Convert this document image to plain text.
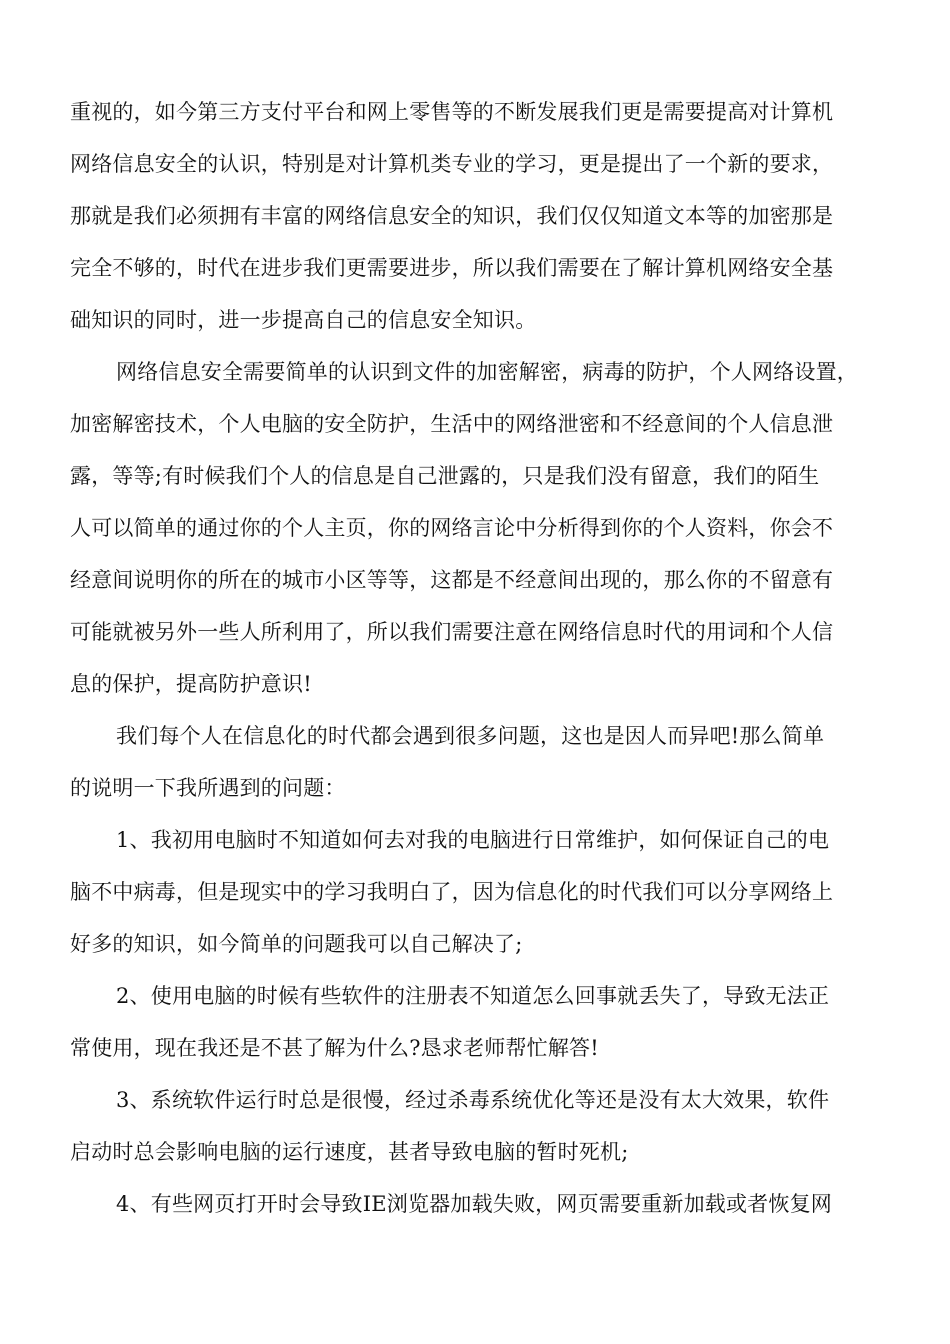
重视的，如今第三方支付平台和网上零售等的不断发展我们更是需要提高对计算机
网络信息安全的认识，特别是对计算机类专业的学习，更是提出了一个新的要求，
那就是我们必须拥有丰富的网络信息安全的知识，我们仅仅知道文本等的加密那是
完全不够的，时代在进步我们更需要进步，所以我们需要在了解计算机网络安全基
础知识的同时，进一步提高自己的信息安全知识。
网络信息安全需要简单的认识到文件的加密解密，病毒的防护，个人网络设置，
加密解密技术，个人电脑的安全防护，生活中的网络泄密和不经意间的个人信息泄
露，等等;有时候我们个人的信息是自己泄露的，只是我们没有留意，我们的陌生
人可以简单的通过你的个人主页，你的网络言论中分析得到你的个人资料，你会不
经意间说明你的所在的城市小区等等，这都是不经意间出现的，那么你的不留意有
可能就被另外一些人所利用了，所以我们需要注意在网络信息时代的用词和个人信
息的保护，提高防护意识!
我们每个人在信息化的时代都会遇到很多问题，这也是因人而异吧!那么简单
的说明一下我所遇到的问题：
1、我初用电脑时不知道如何去对我的电脑进行日常维护，如何保证自己的电
脑不中病毒，但是现实中的学习我明白了，因为信息化的时代我们可以分享网络上
好多的知识，如今简单的问题我可以自己解决了;
2、使用电脑的时候有些软件的注册表不知道怎么回事就丢失了，导致无法正
常使用，现在我还是不甚了解为什么?恳求老师帮忙解答!
3、系统软件运行时总是很慢，经过杀毒系统优化等还是没有太大效果，软件
启动时总会影响电脑的运行速度，甚者导致电脑的暂时死机;
4、有些网页打开时会导致IE浏览器加载失败，网页需要重新加载或者恢复网
